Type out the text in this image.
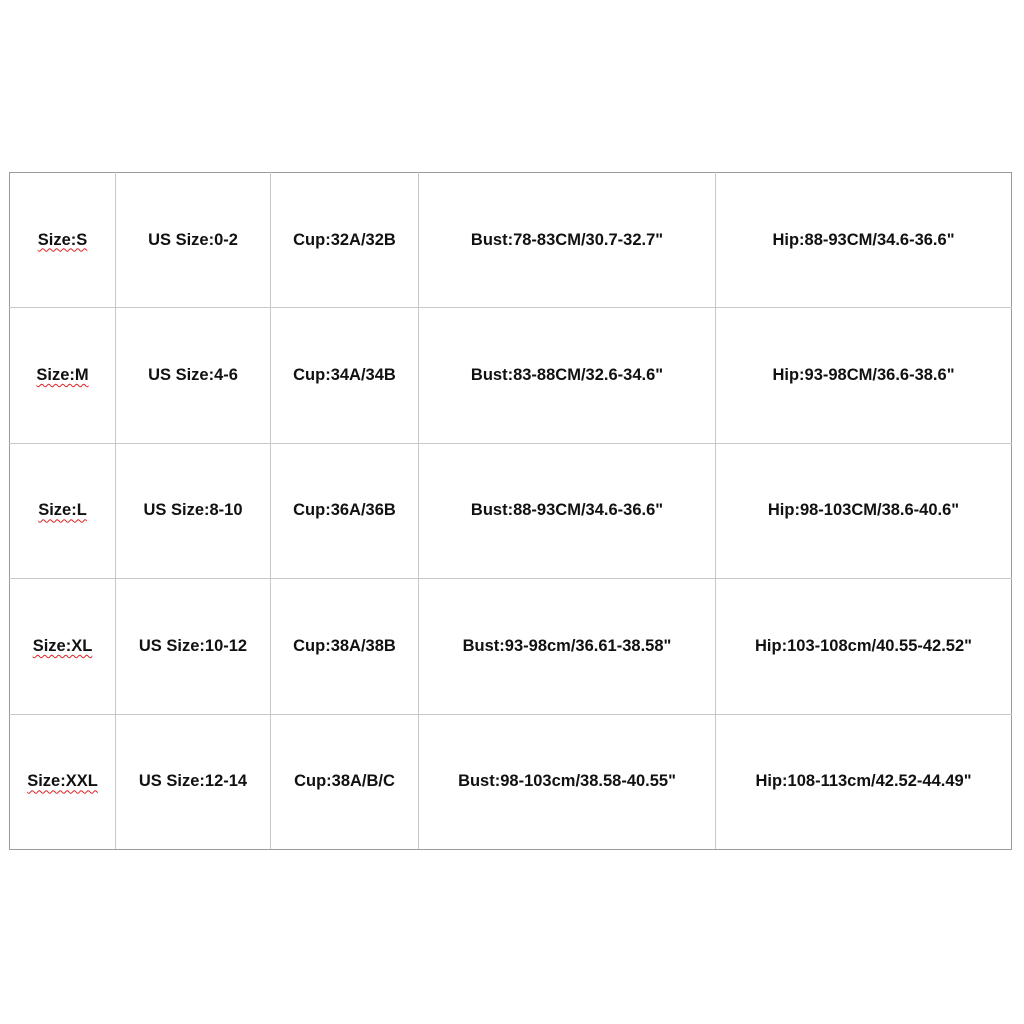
Size:S	US Size:0-2	Cup:32A/32B	Bust:78-83CM/30.7-32.7"	Hip:88-93CM/34.6-36.6"
Size:M	US Size:4-6	Cup:34A/34B	Bust:83-88CM/32.6-34.6"	Hip:93-98CM/36.6-38.6"
Size:L	US Size:8-10	Cup:36A/36B	Bust:88-93CM/34.6-36.6"	Hip:98-103CM/38.6-40.6"
Size:XL	US Size:10-12	Cup:38A/38B	Bust:93-98cm/36.61-38.58"	Hip:103-108cm/40.55-42.52"
Size:XXL	US Size:12-14	Cup:38A/B/C	Bust:98-103cm/38.58-40.55"	Hip:108-113cm/42.52-44.49"
